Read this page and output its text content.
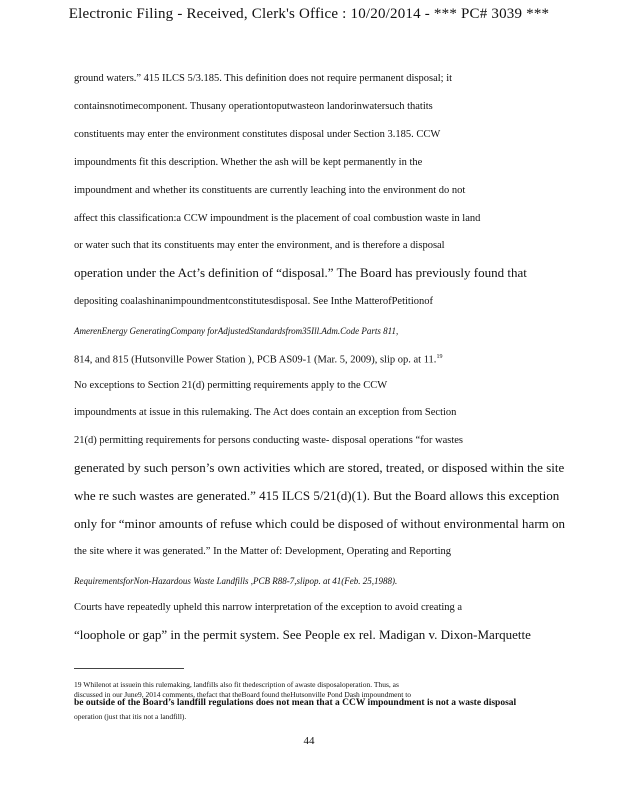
Electronic Filing - Received, Clerk's Office : 10/20/2014 - *** PC# 3039 ***
ground waters.” 415 ILCS 5/3.185. This definition does not require permanent disposal; it
containsnotimecomponent. Thusany operationtoputwasteon landorinwatersuch thatits
constituents may enter the environment constitutes disposal under Section 3.185. CCW
impoundments fit this description. Whether the ash will be kept permanently in the
impoundment and whether its constituents are currently leaching into the environment do not
affect this classification:a CCW impoundment is the placement of coal combustion waste in land
or water such that its constituents may enter the environment, and is therefore a disposal
operation under the Act’s definition of “disposal.” The Board has previously found that
depositing coalashinanimpoundmentconstitutesdisposal. See Inthe MatterofPetitionof
AmerenEnergy GeneratingCompany forAdjustedStandardsfrom35Ill.Adm.Code Parts 811,
814, and 815 (Hutsonville Power Station ), PCB AS09-1 (Mar. 5, 2009), slip op. at 11.19
No exceptions to Section 21(d) permitting requirements apply to the CCW
impoundments at issue in this rulemaking. The Act does contain an exception from Section
21(d) permitting requirements for persons conducting waste- disposal operations “for wastes
generated by such person’s own activities which are stored, treated, or disposed within the site
whe re such wastes are generated.” 415 ILCS 5/21(d)(1). But the Board allows this exception
only for “minor amounts of refuse which could be disposed of without environmental harm on
the site where it was generated.” In the Matter of: Development, Operating and Reporting
RequirementsforNon-Hazardous Waste Landfills ,PCB R88-7,slipop. at 41(Feb. 25,1988).
Courts have repeatedly upheld this narrow interpretation of the exception to avoid creating a
“loophole or gap” in the permit system. See People ex rel. Madigan v. Dixon-Marquette
19 Whilenot at issuein this rulemaking, landfills also fit thedescription of awaste disposaloperation. Thus, as
discussed in our June9, 2014 comments, thefact that theBoard found theHutsonville Pond Dash impoundment to
be outside of the Board’s landfill regulations does not mean that a CCW impoundment is not a waste disposal
operation (just that itis not a landfill).
44
